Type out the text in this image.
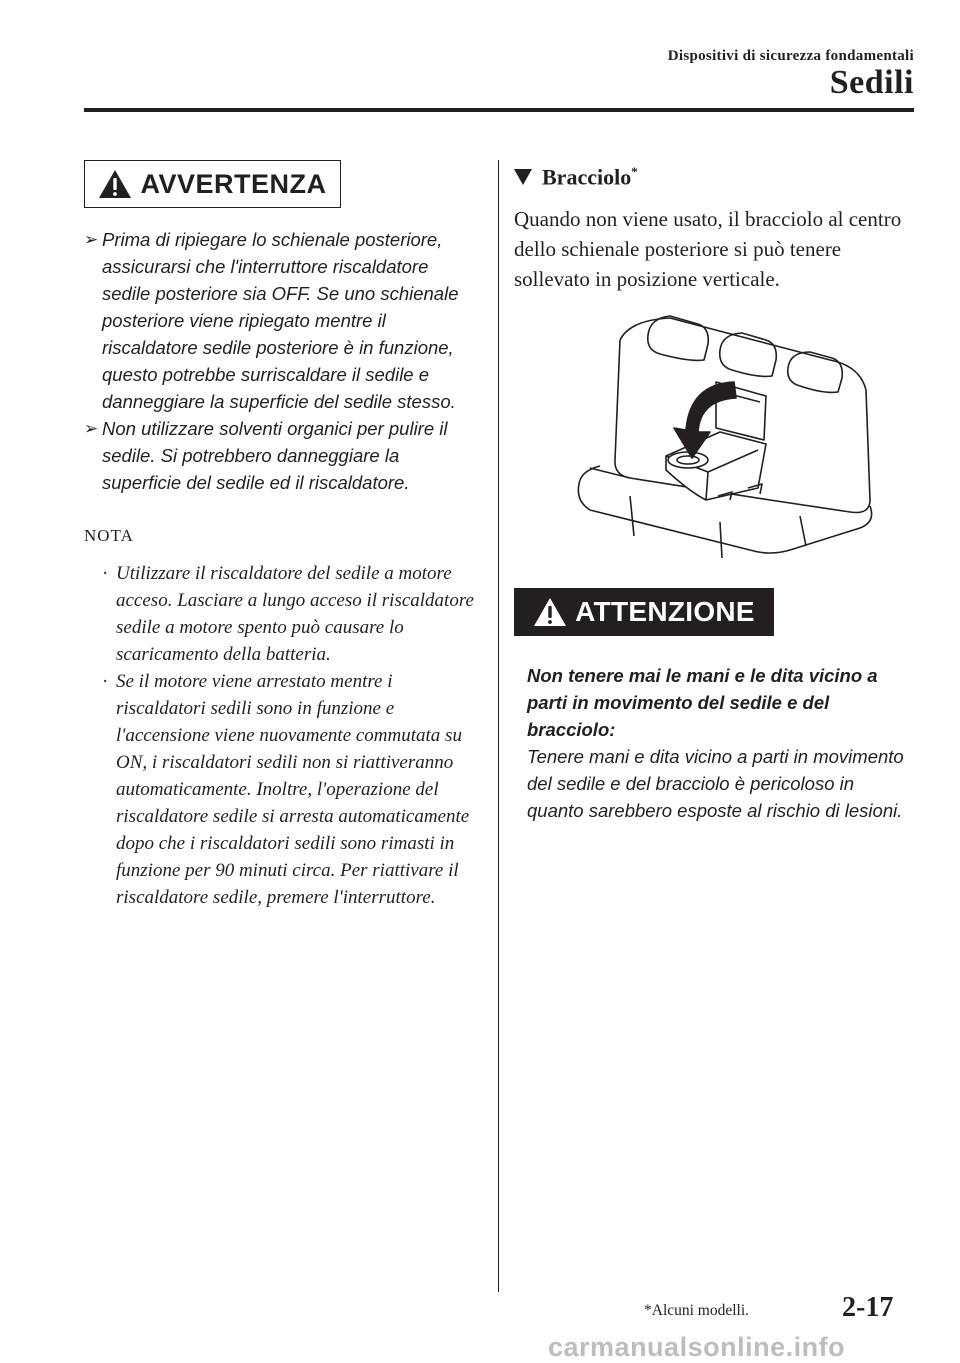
Dispositivi di sicurezza fondamentali
Sedili
AVVERTENZA
➢ Prima di ripiegare lo schienale posteriore, assicurarsi che l'interruttore riscaldatore sedile posteriore sia OFF. Se uno schienale posteriore viene ripiegato mentre il riscaldatore sedile posteriore è in funzione, questo potrebbe surriscaldare il sedile e danneggiare la superficie del sedile stesso.
➢ Non utilizzare solventi organici per pulire il sedile. Si potrebbero danneggiare la superficie del sedile ed il riscaldatore.
NOTA
· Utilizzare il riscaldatore del sedile a motore acceso. Lasciare a lungo acceso il riscaldatore sedile a motore spento può causare lo scaricamento della batteria.
· Se il motore viene arrestato mentre i riscaldatori sedili sono in funzione e l'accensione viene nuovamente commutata su ON, i riscaldatori sedili non si riattiveranno automaticamente. Inoltre, l'operazione del riscaldatore sedile si arresta automaticamente dopo che i riscaldatori sedili sono rimasti in funzione per 90 minuti circa. Per riattivare il riscaldatore sedile, premere l'interruttore.
Bracciolo*
Quando non viene usato, il bracciolo al centro dello schienale posteriore si può tenere sollevato in posizione verticale.
ATTENZIONE
Non tenere mai le mani e le dita vicino a parti in movimento del sedile e del bracciolo:
Tenere mani e dita vicino a parti in movimento del sedile e del bracciolo è pericoloso in quanto sarebbero esposte al rischio di lesioni.
*Alcuni modelli.	2-17
carmanualsonline.info
